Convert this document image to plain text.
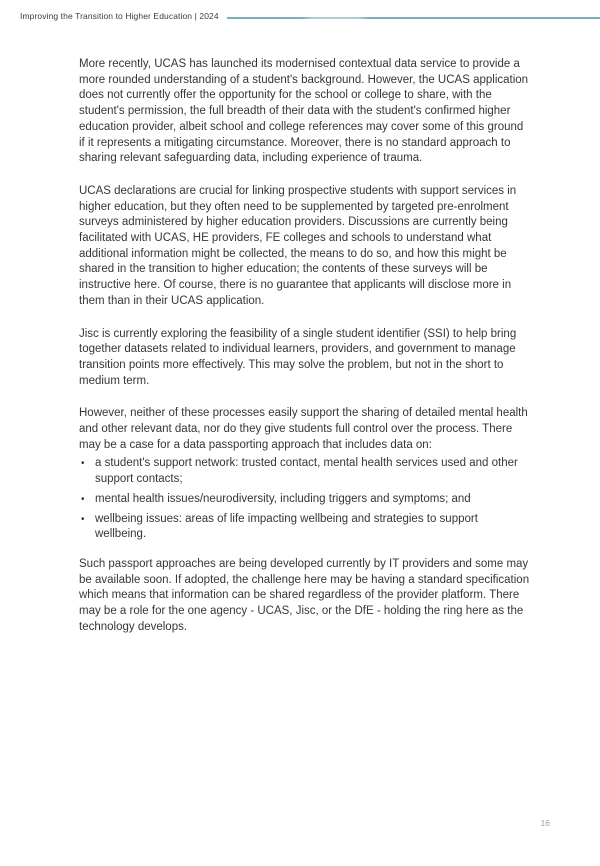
Improving the Transition to Higher Education | 2024

More recently, UCAS has launched its modernised contextual data service to provide a more rounded understanding of a student's background. However, the UCAS application does not currently offer the opportunity for the school or college to share, with the student's permission, the full breadth of their data with the student's confirmed higher education provider, albeit school and college references may cover some of this ground if it represents a mitigating circumstance. Moreover, there is no standard approach to sharing relevant safeguarding data, including experience of trauma.

UCAS declarations are crucial for linking prospective students with support services in higher education, but they often need to be supplemented by targeted pre-enrolment surveys administered by higher education providers. Discussions are currently being facilitated with UCAS, HE providers, FE colleges and schools to understand what additional information might be collected, the means to do so, and how this might be shared in the transition to higher education; the contents of these surveys will be instructive here. Of course, there is no guarantee that applicants will disclose more in them than in their UCAS application.

Jisc is currently exploring the feasibility of a single student identifier (SSI) to help bring together datasets related to individual learners, providers, and government to manage transition points more effectively. This may solve the problem, but not in the short to medium term.

However, neither of these processes easily support the sharing of detailed mental health and other relevant data, nor do they give students full control over the process. There may be a case for a data passporting approach that includes data on:

• a student's support network: trusted contact, mental health services used and other support contacts;
• mental health issues/neurodiversity, including triggers and symptoms; and
• wellbeing issues: areas of life impacting wellbeing and strategies to support wellbeing.

Such passport approaches are being developed currently by IT providers and some may be available soon. If adopted, the challenge here may be having a standard specification which means that information can be shared regardless of the provider platform. There may be a role for the one agency - UCAS, Jisc, or the DfE - holding the ring here as the technology develops.

16
